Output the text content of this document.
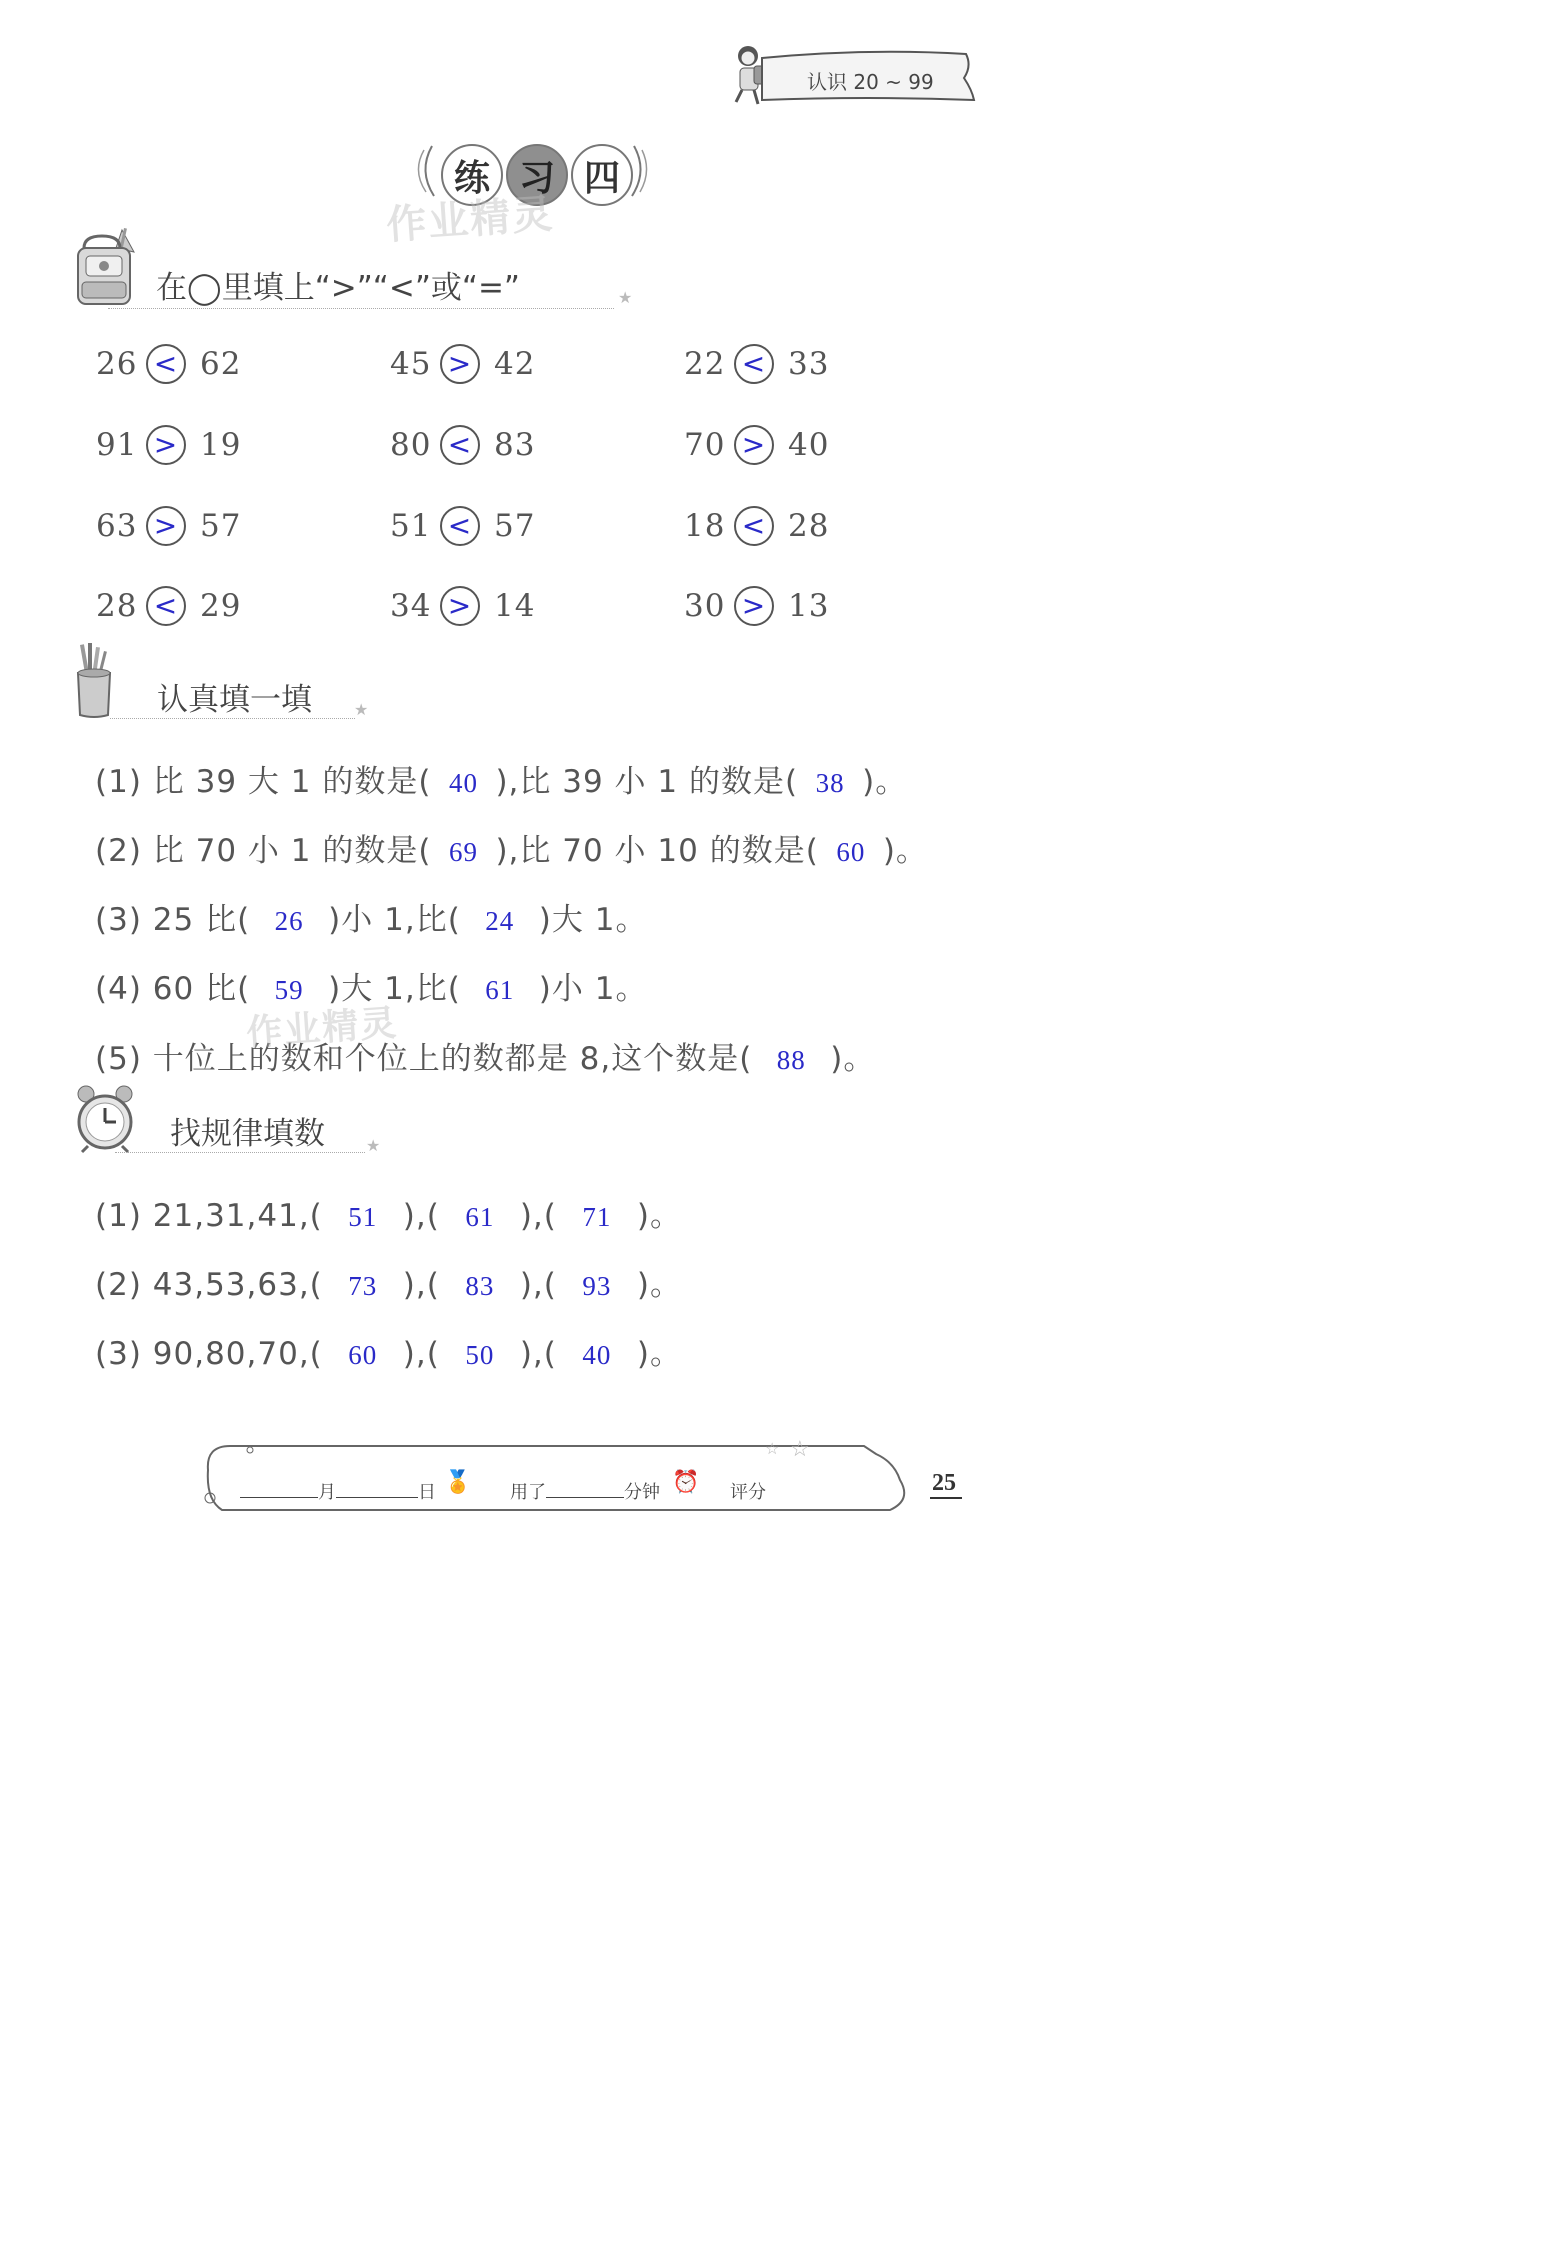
认识 20 ~ 99
练 习 四
作业精灵
在◯里填上“>”“<”或“=”	★
26 < 62	45 > 42	22 < 33
91 > 19	80 < 83	70 > 40
63 > 57	51 < 57	18 < 28
28 < 29	34 > 14	30 > 13
认真填一填	★
(1) 比 39 大 1 的数是( 40 ),比 39 小 1 的数是( 38 )。
(2) 比 70 小 1 的数是( 69 ),比 70 小 10 的数是( 60 )。
(3) 25 比( 26 )小 1,比( 24 )大 1。
(4) 60 比( 59 )大 1,比( 61 )小 1。
(5) 十位上的数和个位上的数都是 8,这个数是( 88 )。
作业精灵
找规律填数	★
(1) 21,31,41,( 51 ),( 61 ),( 71 )。
(2) 43,53,63,( 73 ),( 83 ),( 93 )。
(3) 90,80,70,( 60 ),( 50 ),( 40 )。
☆ ☆
月	日 🏅 用了	分钟 ⏰ 评分	25
